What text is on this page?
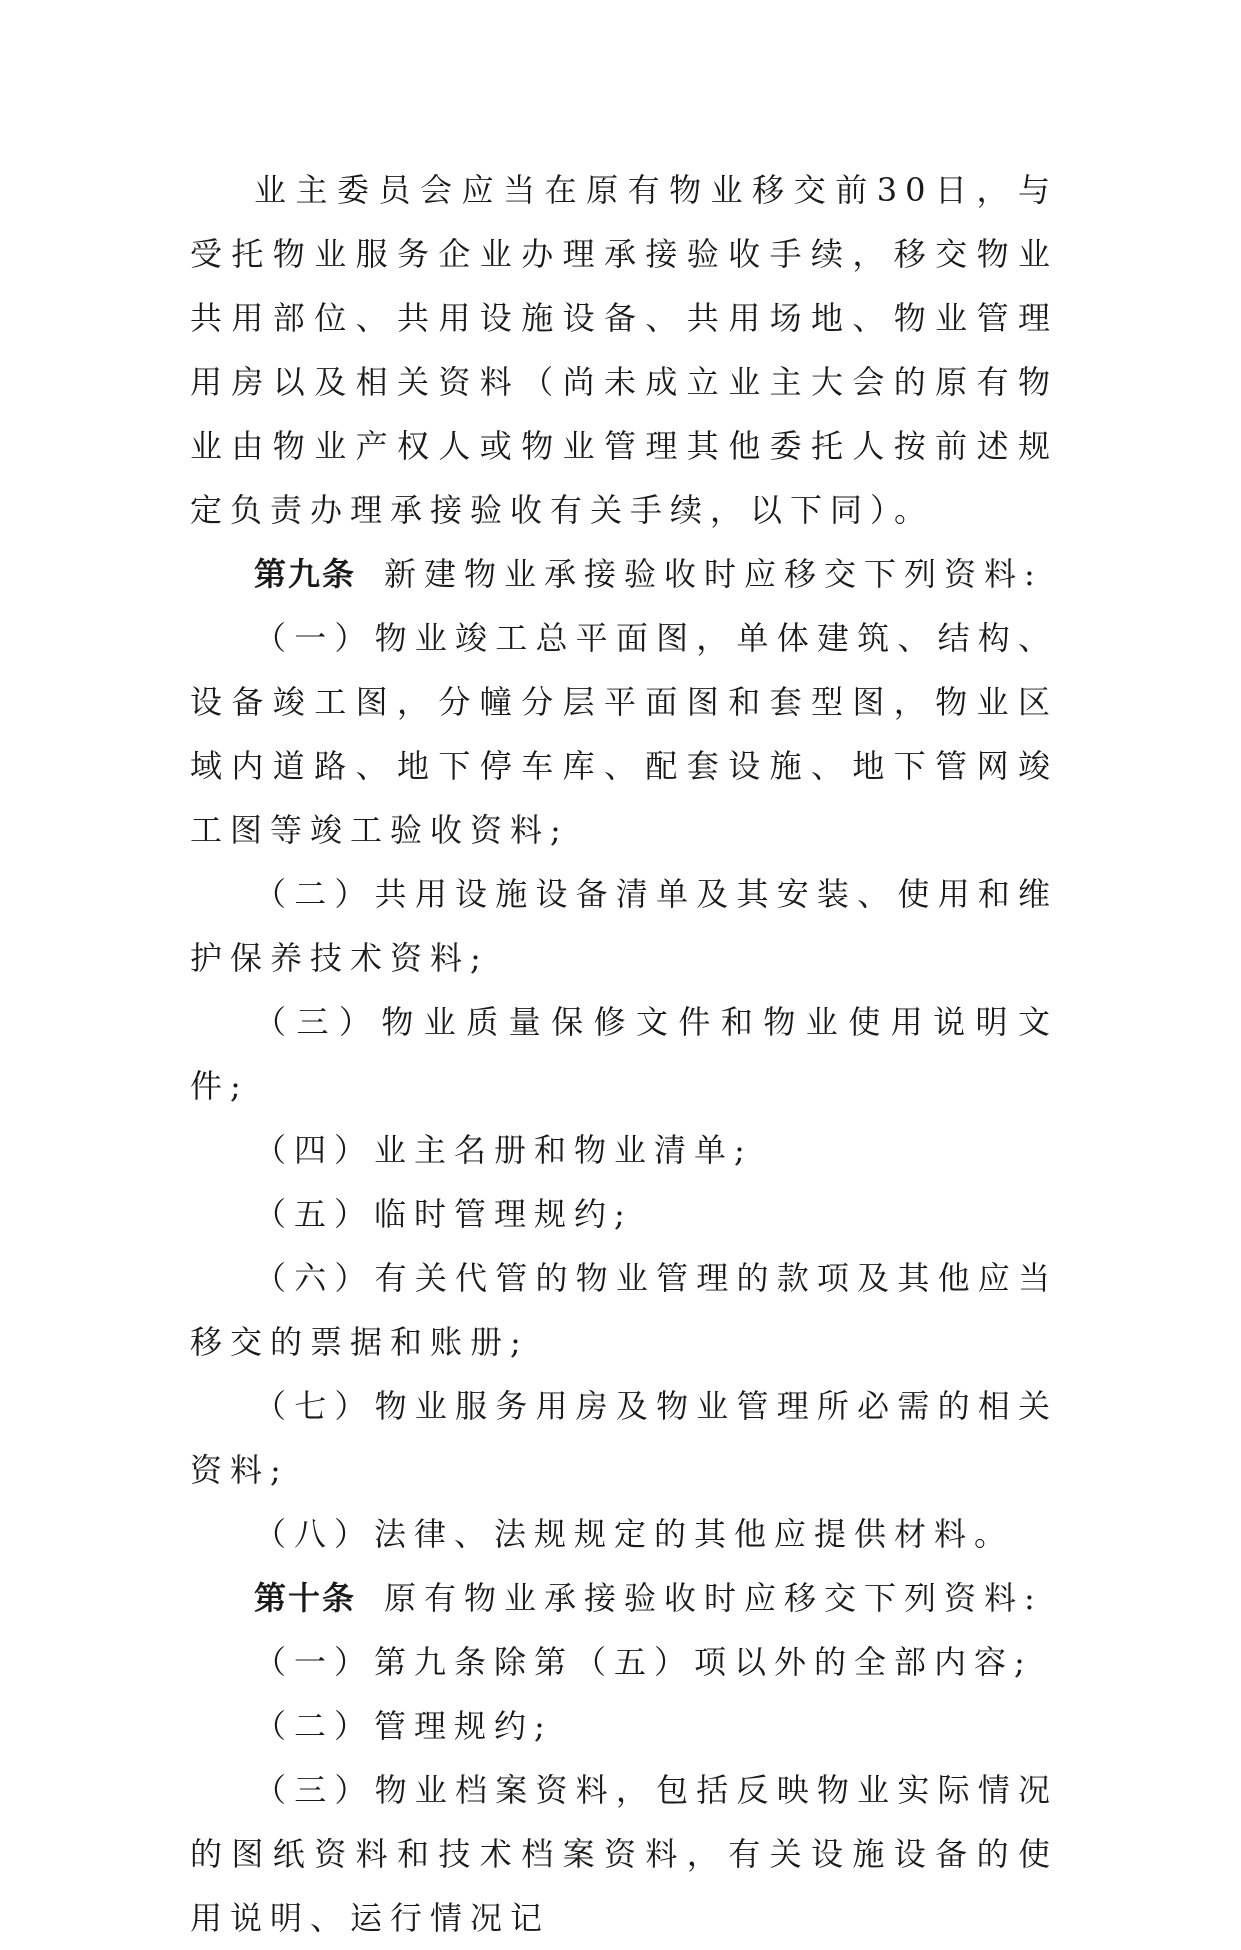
业主委员会应当在原有物业移交前30日，与受托物业服务企业办理承接验收手续，移交物业共用部位、共用设施设备、共用场地、物业管理用房以及相关资料（尚未成立业主大会的原有物业由物业产权人或物业管理其他委托人按前述规定负责办理承接验收有关手续，以下同）。

第九条 新建物业承接验收时应移交下列资料:

（一）物业竣工总平面图，单体建筑、结构、设备竣工图，分幢分层平面图和套型图，物业区域内道路、地下停车库、配套设施、地下管网竣工图等竣工验收资料;

（二）共用设施设备清单及其安装、使用和维护保养技术资料;

（三）物业质量保修文件和物业使用说明文件;

（四）业主名册和物业清单;

（五）临时管理规约;

（六）有关代管的物业管理的款项及其他应当移交的票据和账册;

（七）物业服务用房及物业管理所必需的相关资料;

（八）法律、法规规定的其他应提供材料。

第十条 原有物业承接验收时应移交下列资料:

（一）第九条除第（五）项以外的全部内容;

（二）管理规约;

（三）物业档案资料，包括反映物业实际情况的图纸资料和技术档案资料，有关设施设备的使用说明、运行情况记
